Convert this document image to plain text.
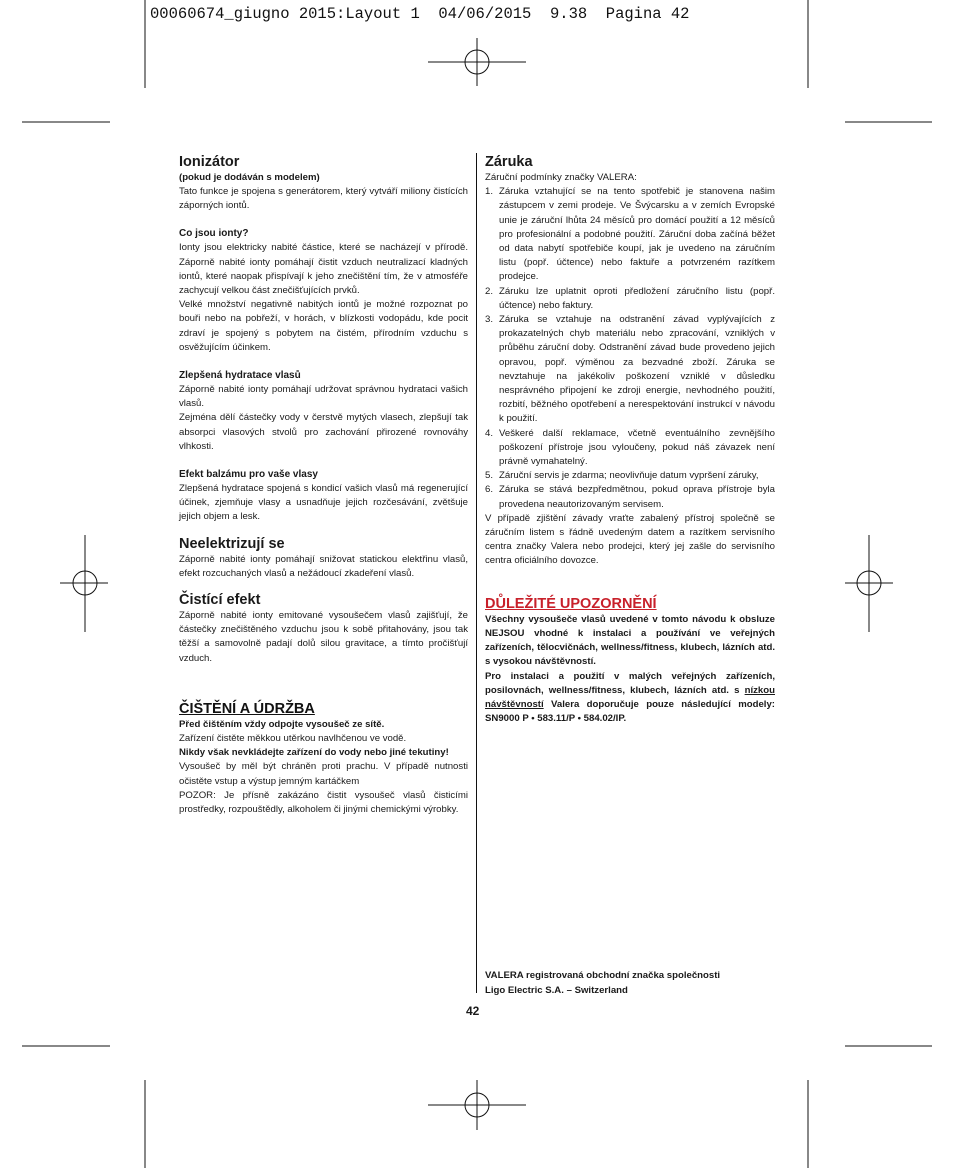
00060674_giugno 2015:Layout 1  04/06/2015  9.38  Pagina 42
Ionizátor
(pokud je dodáván s modelem)

Tato funkce je spojena s generátorem, který vytváří miliony čistících záporných iontů.

Co jsou ionty?

Ionty jsou elektricky nabité částice, které se nacházejí v přírodě. Záporně nabité ionty pomáhají čistit vzduch neutralizací kladných iontů, které naopak přispívají k jeho znečištění tím, že v atmosféře zachycují velkou část znečišťujících prvků.

Velké množství negativně nabitých iontů je možné rozpoznat po bouři nebo na pobřeží, v horách, v blízkosti vodopádu, kde pocit zdraví je spojený s pobytem na čistém, přírodním vzduchu s osvěžujícím účinkem.

Zlepšená hydratace vlasů

Záporně nabité ionty pomáhají udržovat správnou hydrataci vašich vlasů.

Zejména dělí částečky vody v čerstvě mytých vlasech, zlepšují tak absorpci vlasových stvolů pro zachování přirozené rovnováhy vlhkosti.

Efekt balzámu pro vaše vlasy

Zlepšená hydratace spojená s kondicí vašich vlasů má regenerující účinek, zjemňuje vlasy a usnadňuje jejich rozčesávání, zvětšuje jejich objem a lesk.

Neelektrizují se

Záporně nabité ionty pomáhají snižovat statickou elektřinu vlasů, efekt rozcuchaných vlasů a nežádoucí zkadeření vlasů.

Čistící efekt

Záporně nabité ionty emitované vysoušečem vlasů zajišťují, že částečky znečištěného vzduchu jsou k sobě přitahovány, jsou tak těžší a samovolně padají dolů silou gravitace, a tímto pročišťují vzduch.

ČIŠTĚNÍ A ÚDRŽBA

Před čištěním vždy odpojte vysoušeč ze sítě.

Zařízení čistěte měkkou utěrkou navlhčenou ve vodě.

Nikdy však nevkládejte zařízení do vody nebo jiné tekutiny!

Vysoušeč by měl být chráněn proti prachu. V případě nutnosti očistěte vstup a výstup jemným kartáčkem

POZOR: Je přísně zakázáno čistit vysoušeč vlasů čisticími prostředky, rozpouštědly, alkoholem či jinými chemickými výrobky.

Záruka

Záruční podmínky značky VALERA:

1. Záruka vztahující se na tento spotřebič je stanovena našim zástupcem v zemi prodeje. Ve Švýcarsku a v zemích Evropské unie je záruční lhůta 24 měsíců pro domácí použití a 12 měsíců pro profesionální a podobné použití. Záruční doba začíná běžet od data nabytí spotřebiče koupí, jak je uvedeno na záručním listu (popř. účtence) nebo faktuře a potvrzeném razítkem prodejce.
2. Záruku lze uplatnit oproti předložení záručního listu (popř. účtence) nebo faktury.
3. Záruka se vztahuje na odstranění závad vyplývajících z prokazatelných chyb materiálu nebo zpracování, vzniklých v průběhu záruční doby. Odstranění závad bude provedeno jejich opravou, popř. výměnou za bezvadné zboží. Záruka se nevztahuje na jakékoliv poškození vzniklé v důsledku nesprávného připojení ke zdroji energie, nevhodného použití, rozbití, běžného opotřebení a nerespektování instrukcí v návodu k použití.
4. Veškeré další reklamace, včetně eventuálního zevnějšího poškození přístroje jsou vyloučeny, pokud náš závazek není právně vymahatelný.
5. Záruční servis je zdarma; neovlivňuje datum vypršení záruky,
6. Záruka se stává bezpředmětnou, pokud oprava přístroje byla provedena neautorizovaným servisem.

V případě zjištění závady vraťte zabalený přístroj společně se záručním listem s řádně uvedeným datem a razítkem servisního centra značky Valera nebo prodejci, který jej zašle do servisního centra oficiálního dovozce.

DŮLEŽITÉ UPOZORNĚNÍ

Všechny vysoušeče vlasů uvedené v tomto návodu k obsluze NEJSOU vhodné k instalaci a používání ve veřejných zařízeních, tělocvičnách, wellness/fitness, klubech, lázních atd. s vysokou návštěvností.

Pro instalaci a použití v malých veřejných zařízeních, posilovnách, wellness/fitness, klubech, lázních atd. s nízkou návštěvností Valera doporučuje pouze následující modely: SN9000 P • 583.11/P • 584.02/IP.

VALERA registrovaná obchodní značka společnosti
Ligo Electric S.A. – Switzerland
42
